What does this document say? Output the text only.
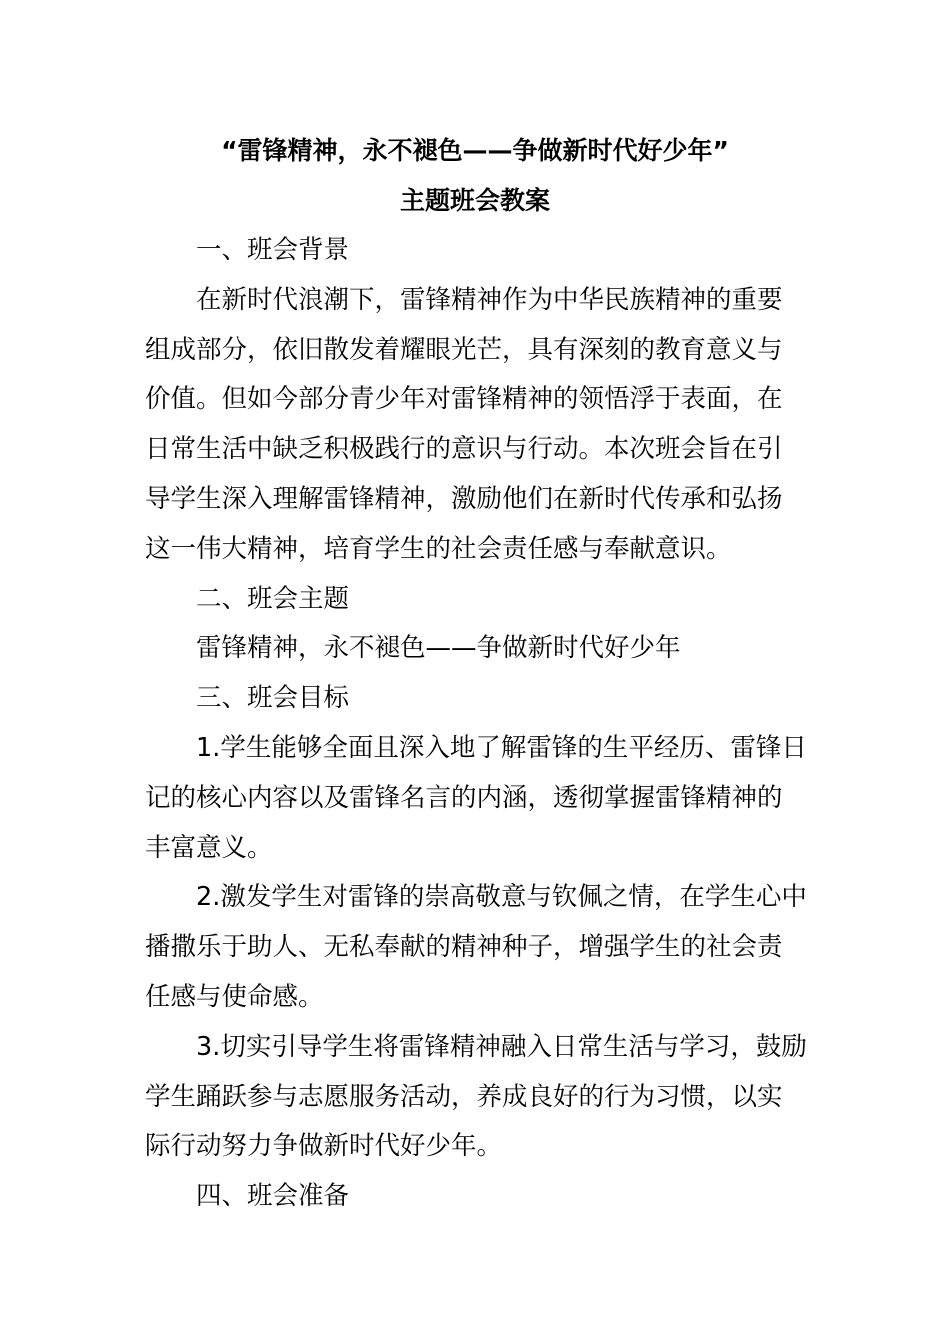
“雷锋精神，永不褪色——争做新时代好少年”
主题班会教案
一、班会背景
在新时代浪潮下，雷锋精神作为中华民族精神的重要
组成部分，依旧散发着耀眼光芒，具有深刻的教育意义与
价值。但如今部分青少年对雷锋精神的领悟浮于表面，在
日常生活中缺乏积极践行的意识与行动。本次班会旨在引
导学生深入理解雷锋精神，激励他们在新时代传承和弘扬
这一伟大精神，培育学生的社会责任感与奉献意识。
二、班会主题
雷锋精神，永不褪色——争做新时代好少年
三、班会目标
1.学生能够全面且深入地了解雷锋的生平经历、雷锋日
记的核心内容以及雷锋名言的内涵，透彻掌握雷锋精神的
丰富意义。
2.激发学生对雷锋的崇高敬意与钦佩之情，在学生心中
播撒乐于助人、无私奉献的精神种子，增强学生的社会责
任感与使命感。
3.切实引导学生将雷锋精神融入日常生活与学习，鼓励
学生踊跃参与志愿服务活动，养成良好的行为习惯，以实
际行动努力争做新时代好少年。
四、班会准备
